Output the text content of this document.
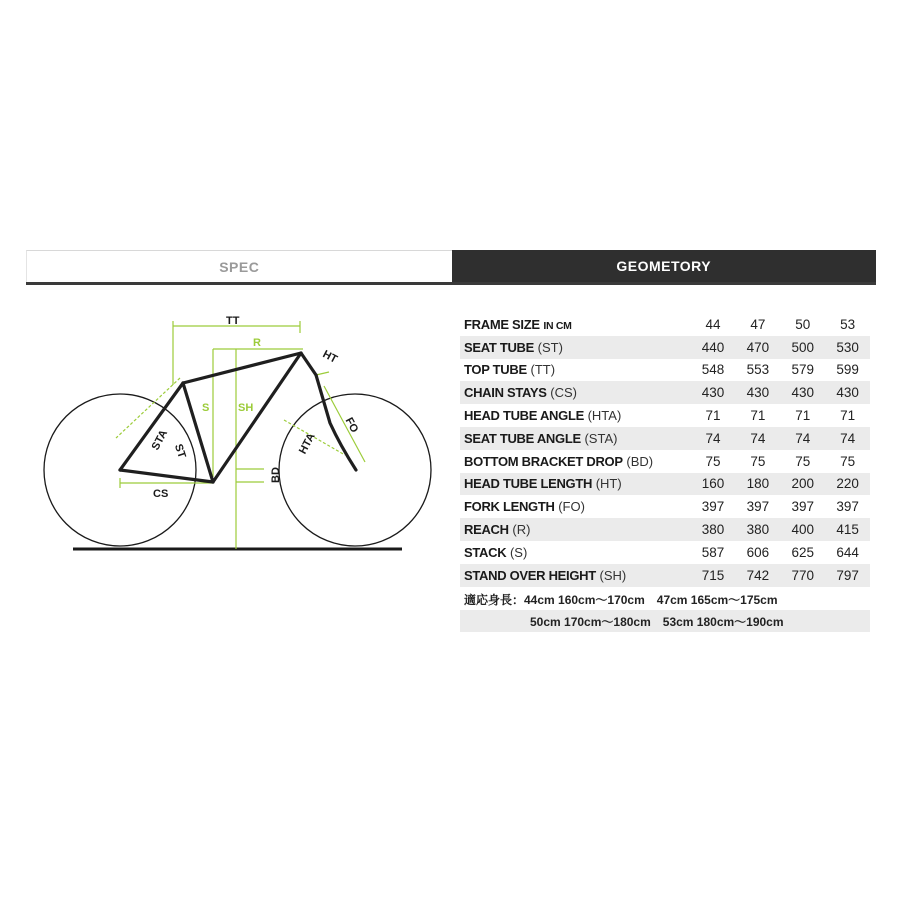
SPEC	GEOMETORY
TT
R
HT
S	SH
STA ST	HTA
FO
BD
CS
FRAME SIZE IN CM	44	47	50	53
SEAT TUBE (ST)	440	470	500	530
TOP TUBE (TT)	548	553	579	599
CHAIN STAYS (CS)	430	430	430	430
HEAD TUBE ANGLE (HTA)	71	71	71	71
SEAT TUBE ANGLE (STA)	74	74	74	74
BOTTOM BRACKET DROP (BD)	75	75	75	75
HEAD TUBE LENGTH (HT)	160	180	200	220
FORK LENGTH (FO)	397	397	397	397
REACH (R)	380	380	400	415
STACK (S)	587	606	625	644
STAND OVER HEIGHT (SH)	715	742	770	797
適応身長：44cm 160cm～170cm 47cm 165cm～175cm
50cm 170cm～180cm 53cm 180cm～190cm
